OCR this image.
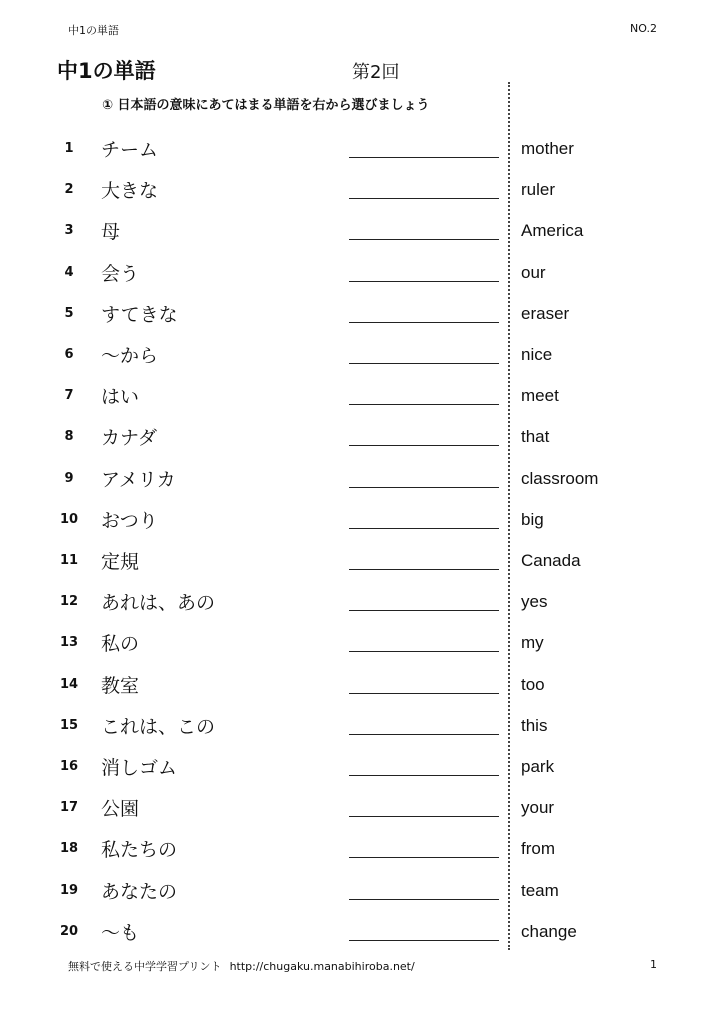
中1の単語	NO.2
中1の単語	第2回
① 日本語の意味にあてはまる単語を右から選びましょう
1	チーム	mother
2	大きな	ruler
3	母	America
4	会う	our
5	すてきな	eraser
6	～から	nice
7	はい	meet
8	カナダ	that
9	アメリカ	classroom
10	おつり	big
11	定規	Canada
12	あれは、あの	yes
13	私の	my
14	教室	too
15	これは、この	this
16	消しゴム	park
17	公園	your
18	私たちの	from
19	あなたの	team
20	～も	change
無料で使える中学学習プリント http://chugaku.manabihiroba.net/	1
